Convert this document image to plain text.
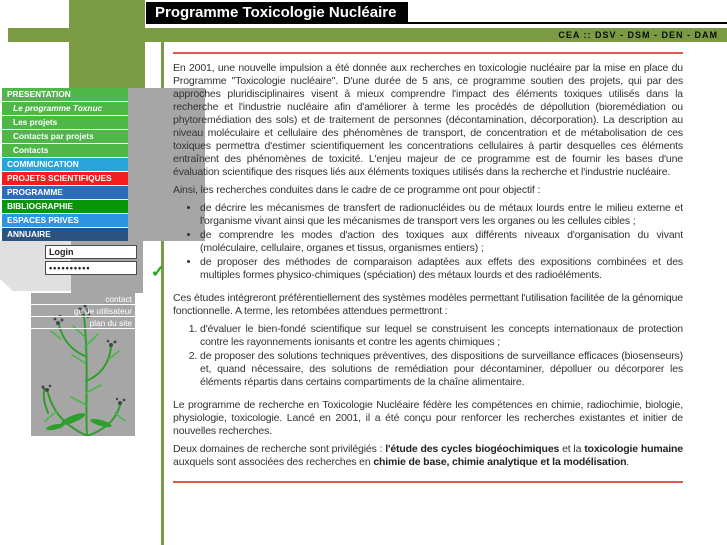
Programme Toxicologie Nucléaire
CEA :: DSV - DSM - DEN - DAM
PRESENTATION
Le programme Toxnuc
Les projets
Contacts par projets
Contacts
COMMUNICATION
PROJETS SCIENTIFIQUES
PROGRAMME
BIBLIOGRAPHIE
ESPACES PRIVES
ANNUAIRE
Login
••••••••••
✓
contact
guide utilisateur
plan du site

En 2001, une nouvelle impulsion a été donnée aux recherches en toxicologie nucléaire par la mise en place du Programme "Toxicologie nucléaire". D'une durée de 5 ans, ce programme soutien des projets, qui par des approches pluridisciplinaires visent à mieux comprendre l'impact des éléments toxiques utilisés dans la recherche et l'industrie nucléaire afin d'améliorer à terme les procédés de dépollution (bioremédiation ou phytoremédiation des sols) et de traitement de personnes (décontamination, décorporation). La description au niveau moléculaire et cellulaire des phénomènes de transport, de concentration et de métabolisation de ces toxiques permettra d'estimer scientifiquement les concentrations cellulaires à partir desquelles ces éléments entraînent des phénomènes de toxicité. L'enjeu majeur de ce programme est de fournir les bases d'une évaluation scientifique des risques liés aux éléments toxiques utilisés dans la recherche et l'industrie nucléaire.

Ainsi, les recherches conduites dans le cadre de ce programme ont pour objectif :

• de décrire les mécanismes de transfert de radionucléides ou de métaux lourds entre le milieu externe et l'organisme vivant ainsi que les mécanismes de transport vers les organes ou les cellules cibles ;
• de comprendre les modes d'action des toxiques aux différents niveaux d'organisation du vivant (moléculaire, cellulaire, organes et tissus, organismes entiers) ;
• de proposer des méthodes de comparaison adaptées aux effets des expositions combinées et des multiples formes physico-chimiques (spéciation) des métaux lourds et des radioéléments.

Ces études intégreront préférentiellement des systèmes modèles permettant l'utilisation facilitée de la génomique fonctionnelle. A terme, les retombées attendues permettront :

1. d'évaluer le bien-fondé scientifique sur lequel se construisent les concepts internationaux de protection contre les rayonnements ionisants et contre les agents chimiques ;
2. de proposer des solutions techniques préventives, des dispositions de surveillance efficaces (biosenseurs) et, quand nécessaire, des solutions de remédiation pour décontaminer, dépolluer ou décorporer les éléments répartis dans certains compartiments de la chaîne alimentaire.

Le programme de recherche en Toxicologie Nucléaire fédère les compétences en chimie, radiochimie, biologie, physiologie, toxicologie. Lancé en 2001, il a été conçu pour renforcer les recherches existantes et initier de nouvelles recherches.

Deux domaines de recherche sont privilégiés : l'étude des cycles biogéochimiques et la toxicologie humaine auxquels sont associées des recherches en chimie de base, chimie analytique et la modélisation.
